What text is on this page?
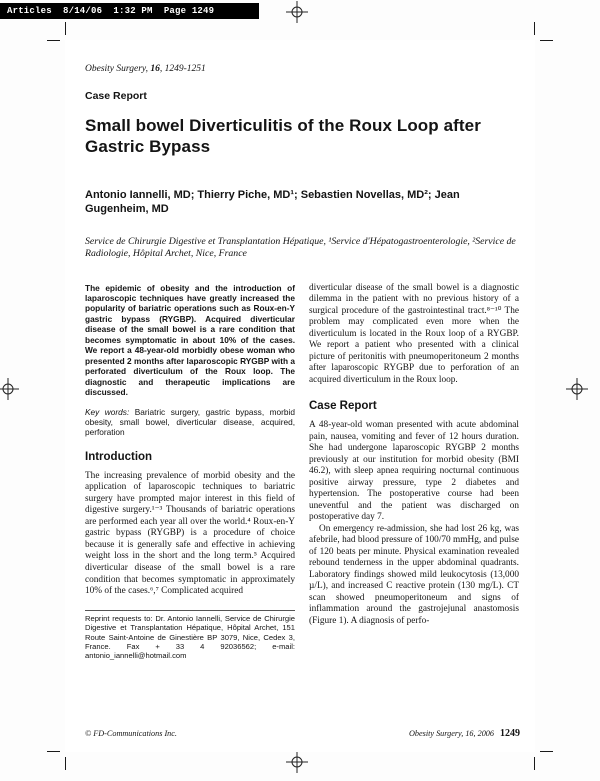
Articles  8/14/06  1:32 PM  Page 1249
Obesity Surgery, 16, 1249-1251
Case Report
Small bowel Diverticulitis of the Roux Loop after Gastric Bypass
Antonio Iannelli, MD; Thierry Piche, MD¹; Sebastien Novellas, MD²; Jean Gugenheim, MD
Service de Chirurgie Digestive et Transplantation Hépatique, ¹Service d'Hépatogastroenterologie, ²Service de Radiologie, Hôpital Archet, Nice, France

The epidemic of obesity and the introduction of laparoscopic techniques have greatly increased the popularity of bariatric operations such as Roux-en-Y gastric bypass (RYGBP). Acquired diverticular disease of the small bowel is a rare condition that becomes symptomatic in about 10% of the cases. We report a 48-year-old morbidly obese woman who presented 2 months after laparoscopic RYGBP with a perforated diverticulum of the Roux loop. The diagnostic and therapeutic implications are discussed.

Key words: Bariatric surgery, gastric bypass, morbid obesity, small bowel, diverticular disease, acquired, perforation

Introduction

The increasing prevalence of morbid obesity and the application of laparoscopic techniques to bariatric surgery have prompted major interest in this field of digestive surgery.¹⁻³ Thousands of bariatric operations are performed each year all over the world.⁴ Roux-en-Y gastric bypass (RYGBP) is a procedure of choice because it is generally safe and effective in achieving weight loss in the short and the long term.⁵ Acquired diverticular disease of the small bowel is a rare condition that becomes symptomatic in approximately 10% of the cases.⁶,⁷ Complicated acquired

Reprint requests to: Dr. Antonio Iannelli, Service de Chirurgie Digestive et Transplantation Hépatique, Hôpital Archet, 151 Route Saint-Antoine de Ginestière BP 3079, Nice, Cedex 3, France. Fax + 33 4 92036562; e-mail: antonio_iannelli@hotmail.com

diverticular disease of the small bowel is a diagnostic dilemma in the patient with no previous history of a surgical procedure of the gastrointestinal tract.⁸⁻¹⁰ The problem may complicated even more when the diverticulum is located in the Roux loop of a RYGBP. We report a patient who presented with a clinical picture of peritonitis with pneumoperitoneum 2 months after laparoscopic RYGBP due to perforation of an acquired diverticulum in the Roux loop.

Case Report

A 48-year-old woman presented with acute abdominal pain, nausea, vomiting and fever of 12 hours duration. She had undergone laparoscopic RYGBP 2 months previously at our institution for morbid obesity (BMI 46.2), with sleep apnea requiring nocturnal continuous positive airway pressure, type 2 diabetes and hypertension. The postoperative course had been uneventful and the patient was discharged on postoperative day 7.

On emergency re-admission, she had lost 26 kg, was afebrile, had blood pressure of 100/70 mmHg, and pulse of 120 beats per minute. Physical examination revealed rebound tenderness in the upper abdominal quadrants. Laboratory findings showed mild leukocytosis (13,000 µ/L), and increased C reactive protein (130 mg/L). CT scan showed pneumoperitoneum and signs of inflammation around the gastrojejunal anastomosis (Figure 1). A diagnosis of perfo-

© FD-Communications Inc.	Obesity Surgery, 16, 2006 1249
